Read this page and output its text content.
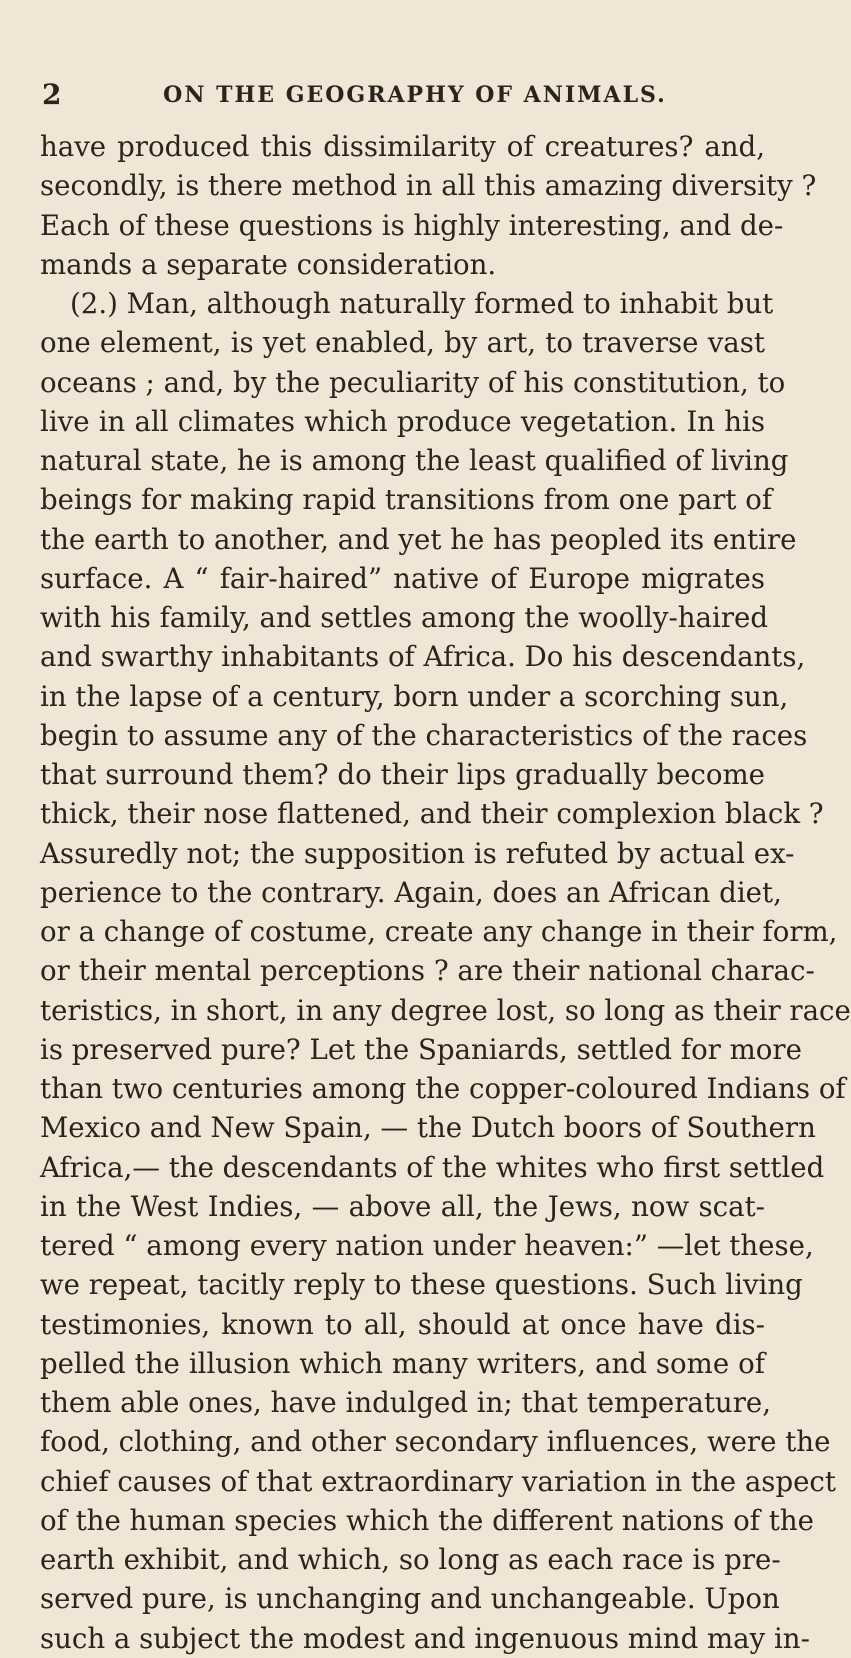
2	ON THE GEOGRAPHY OF ANIMALS.
have produced this dissimilarity of creatures? and,
secondly, is there method in all this amazing diversity ?
Each of these questions is highly interesting, and de-
mands a separate consideration.
(2.) Man, although naturally formed to inhabit but
one element, is yet enabled, by art, to traverse vast
oceans ; and, by the peculiarity of his constitution, to
live in all climates which produce vegetation. In his
natural state, he is among the least qualified of living
beings for making rapid transitions from one part of
the earth to another, and yet he has peopled its entire
surface. A “ fair-haired” native of Europe migrates
with his family, and settles among the woolly-haired
and swarthy inhabitants of Africa. Do his descendants,
in the lapse of a century, born under a scorching sun,
begin to assume any of the characteristics of the races
that surround them? do their lips gradually become
thick, their nose flattened, and their complexion black ?
Assuredly not; the supposition is refuted by actual ex-
perience to the contrary. Again, does an African diet,
or a change of costume, create any change in their form,
or their mental perceptions ? are their national charac-
teristics, in short, in any degree lost, so long as their race
is preserved pure? Let the Spaniards, settled for more
than two centuries among the copper-coloured Indians of
Mexico and New Spain, — the Dutch boors of Southern
Africa,— the descendants of the whites who first settled
in the West Indies, — above all, the Jews, now scat-
tered “ among every nation under heaven:” —let these,
we repeat, tacitly reply to these questions. Such living
testimonies, known to all, should at once have dis-
pelled the illusion which many writers, and some of
them able ones, have indulged in; that temperature,
food, clothing, and other secondary influences, were the
chief causes of that extraordinary variation in the aspect
of the human species which the different nations of the
earth exhibit, and which, so long as each race is pre-
served pure, is unchanging and unchangeable. Upon
such a subject the modest and ingenuous mind may in-
